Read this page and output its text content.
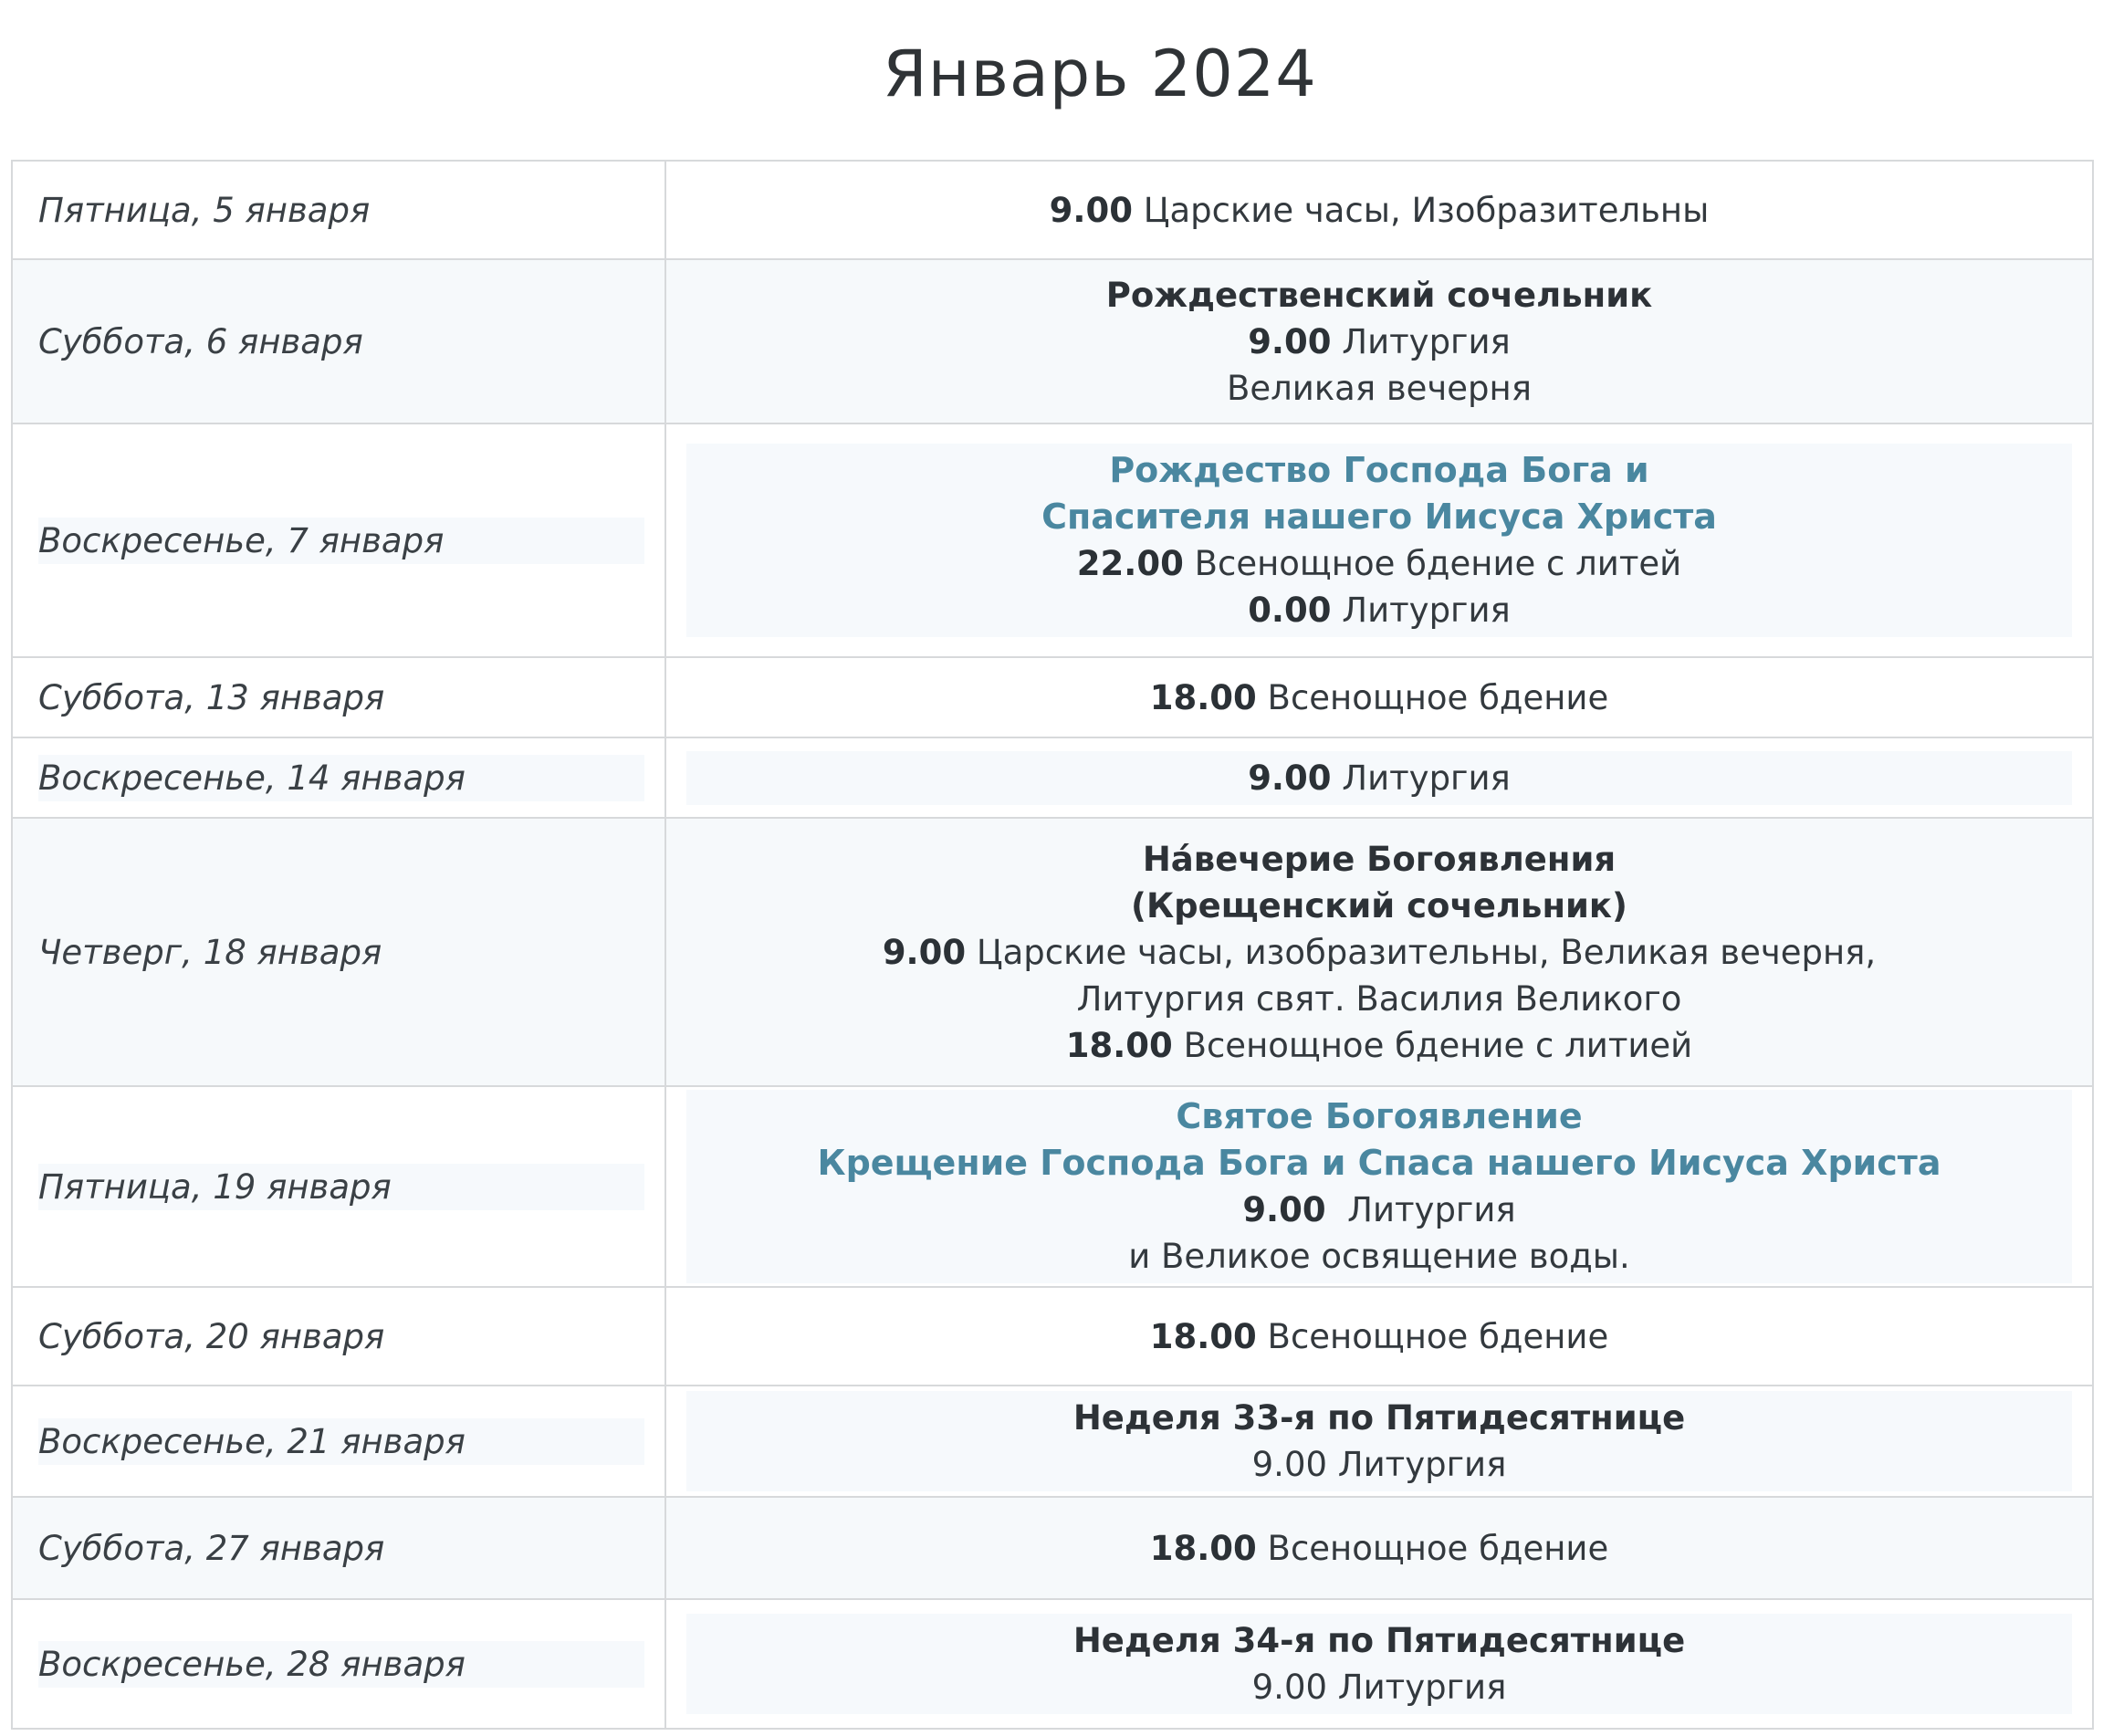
Январь 2024
Пятница, 5 января	9.00 Царские часы, Изобразительны

Суббота, 6 января	Рождественский сочельник
9.00 Литургия
Великая вечерня

Воскресенье, 7 января	Рождество Господа Бога и
Спасителя нашего Иисуса Христа
22.00 Всенощное бдение с литей
0.00 Литургия

Суббота, 13 января	18.00 Всенощное бдение

Воскресенье, 14 января	9.00 Литургия

Четверг, 18 января	На́вечерие Богоявления
(Крещенский сочельник)
9.00 Царские часы, изобразительны, Великая вечерня,
Литургия свят. Василия Великого
18.00 Всенощное бдение с литией

Пятница, 19 января	Святое Богоявление
Крещение Господа Бога и Спаса нашего Иисуса Христа
9.00  Литургия
и Великое освящение воды.

Суббота, 20 января	18.00 Всенощное бдение

Воскресенье, 21 января	Неделя 33-я по Пятидесятнице
9.00 Литургия

Суббота, 27 января	18.00 Всенощное бдение

Воскресенье, 28 января	Неделя 34-я по Пятидесятнице
9.00 Литургия
